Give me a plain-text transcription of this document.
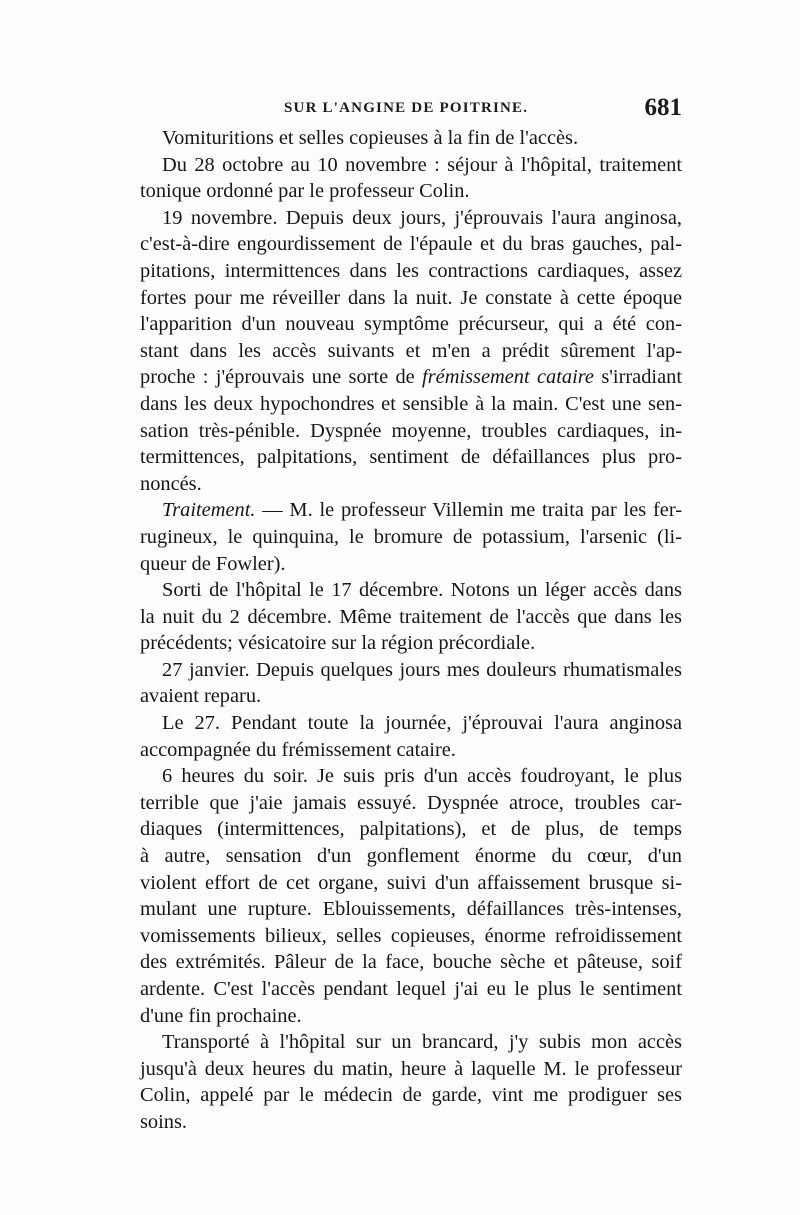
SUR L'ANGINE DE POITRINE.	681

Vomituritions et selles copieuses à la fin de l'accès.

Du 28 octobre au 10 novembre : séjour à l'hôpital, traitement
tonique ordonné par le professeur Colin.

19 novembre. Depuis deux jours, j'éprouvais l'aura anginosa,
c'est-à-dire engourdissement de l'épaule et du bras gauches, pal-
pitations, intermittences dans les contractions cardiaques, assez
fortes pour me réveiller dans la nuit. Je constate à cette époque
l'apparition d'un nouveau symptôme précurseur, qui a été con-
stant dans les accès suivants et m'en a prédit sûrement l'ap-
proche : j'éprouvais une sorte de frémissement cataire s'irradiant
dans les deux hypochondres et sensible à la main. C'est une sen-
sation très-pénible. Dyspnée moyenne, troubles cardiaques, in-
termittences, palpitations, sentiment de défaillances plus pro-
noncés.

Traitement. — M. le professeur Villemin me traita par les fer-
rugineux, le quinquina, le bromure de potassium, l'arsenic (li-
queur de Fowler).

Sorti de l'hôpital le 17 décembre. Notons un léger accès dans
la nuit du 2 décembre. Même traitement de l'accès que dans les
précédents; vésicatoire sur la région précordiale.

27 janvier. Depuis quelques jours mes douleurs rhumatismales
avaient reparu.

Le 27. Pendant toute la journée, j'éprouvai l'aura anginosa
accompagnée du frémissement cataire.

6 heures du soir. Je suis pris d'un accès foudroyant, le plus
terrible que j'aie jamais essuyé. Dyspnée atroce, troubles car-
diaques (intermittences, palpitations), et de plus, de temps
à autre, sensation d'un gonflement énorme du cœur, d'un
violent effort de cet organe, suivi d'un affaissement brusque si-
mulant une rupture. Eblouissements, défaillances très-intenses,
vomissements bilieux, selles copieuses, énorme refroidissement
des extrémités. Pâleur de la face, bouche sèche et pâteuse, soif
ardente. C'est l'accès pendant lequel j'ai eu le plus le sentiment
d'une fin prochaine.

Transporté à l'hôpital sur un brancard, j'y subis mon accès
jusqu'à deux heures du matin, heure à laquelle M. le professeur
Colin, appelé par le médecin de garde, vint me prodiguer ses
soins.
